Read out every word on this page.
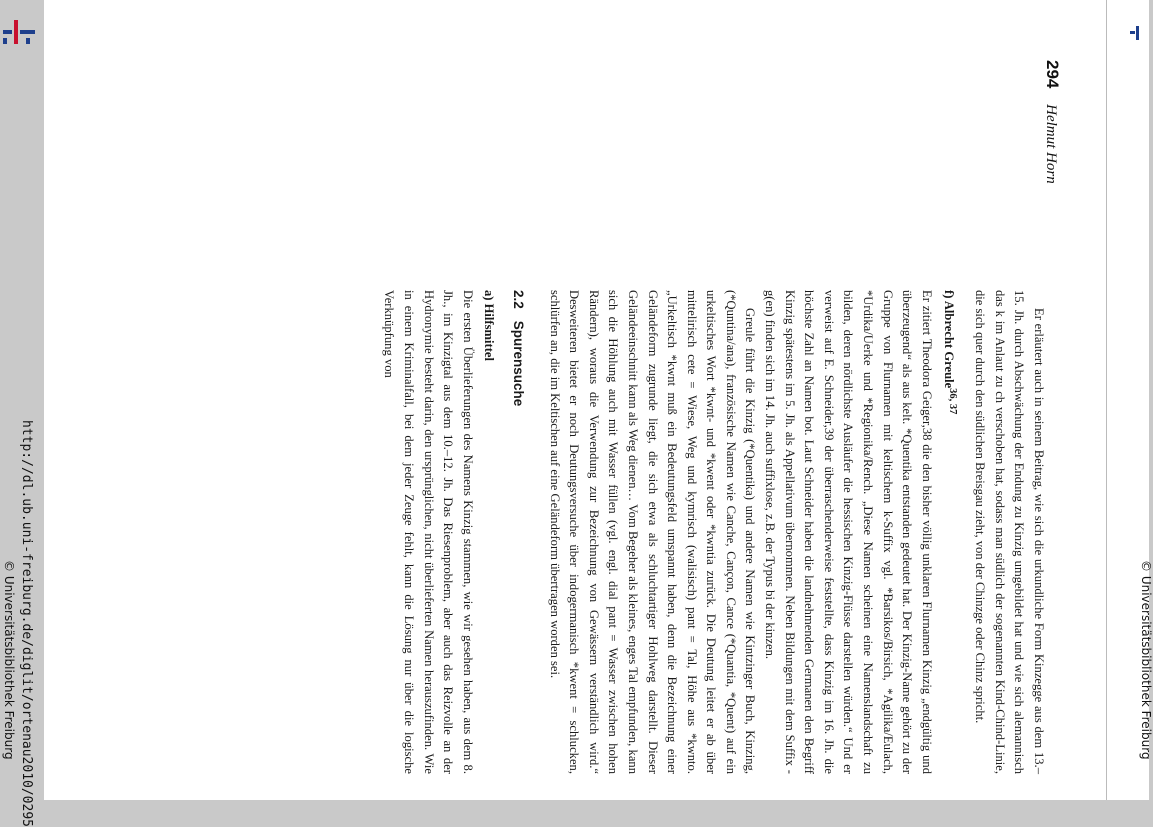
http://dl.ub.uni-freiburg.de/diglit/ortenau2010/0295
© Universitätsbibliothek Freiburg
294 Helmut Horn

Er erläutert auch in seinem Beitrag, wie sich die urkundliche Form Kinzegge aus dem 13.–15. Jh. durch Abschwächung der Endung zu Kinzig umgebildet hat und wie sich alemannisch das k im Anlaut zu ch verschoben hat, sodass man südlich der sogenannten Kind-Chind-Linie, die sich quer durch den südlichen Breisgau zieht, von der Chinzge oder Chinz spricht.

f) Albrecht Greule$^{36, 37}$

Er zitiert Theodora Geiger,38 die den bisher völlig unklaren Flurnamen Kinzig „endgültig und überzeugend“ als aus kelt. *Quentika entstanden gedeutet hat. Der Kinzig-Name gehört zu der Gruppe von Flurnamen mit keltischem k-Suffix vgl. *Barsikos/Birsich, *Agilika/Eulach, *Urdika/Uerke und *Regionika/Rench. „Diese Namen scheinen eine Namenslandschaft zu bilden, deren nördlichste Ausläufer die hessischen Kinzig-Flüsse darstellen würden.“ Und er verweist auf E. Schneider,39 der überraschenderweise feststellte, dass Kinzig im 16. Jh. die höchste Zahl an Namen bot. Laut Schneider haben die landnehmenden Germanen den Begriff Kinzig spätestens im 5. Jh. als Appellativum übernommen. Neben Bildungen mit dem Suffix -g(en) finden sich im 14. Jh. auch suffixlose, z.B. der Typus bi der kinzen.

Greule führt die Kinzig (*Quentika) und andere Namen wie Kintzinger Buch, Kinzing, (*Quntina/ana), französische Namen wie Canche, Cançon, Cance (*Quantia, *Quent) auf ein urkeltisches Wort *kwnt- und *kwent oder *kwntia zurück. Die Deutung leitet er ab über mittelirisch cete = Wiese, Weg und kymrisch (walisisch) pant = Tal, Höhe aus *kwnto. „Urkeltisch *kwnt muß ein Bedeutungsfeld umspannt haben, denn die Bezeichnung einer Geländeform zugrunde liegt, die sich etwa als schluchtartiger Hohlweg darstellt. Dieser Geländeeinschnitt kann als Weg dienen… Vom Begeher als kleines, enges Tal empfunden, kann sich die Höhlung auch mit Wasser füllen (vgl. engl. dial pant = Wasser zwischen hohen Rändern), woraus die Verwendung zur Bezeichnung von Gewässern verständlich wird.“ Desweiteren bietet er noch Deutungsversuche über indogermanisch *kwent = schlucken, schlürfen an, die im Keltischen auf eine Geländeform übertragen worden sei.

2.2Spurensuche

a) Hilfsmittel

Die ersten Überlieferungen des Namens Kinzig stammen, wie wir gesehen haben, aus dem 8. Jh., im Kinzigtal aus dem 10.–12. Jh. Das Riesenproblem, aber auch das Reizvolle an der Hydronymie besteht darin, den ursprünglichen, nicht überlieferten Namen herauszufinden. Wie in einem Kriminalfall, bei dem jeder Zeuge fehlt, kann die Lösung nur über die logische Verknüpfung von

© Universitätsbibliothek Freiburg
